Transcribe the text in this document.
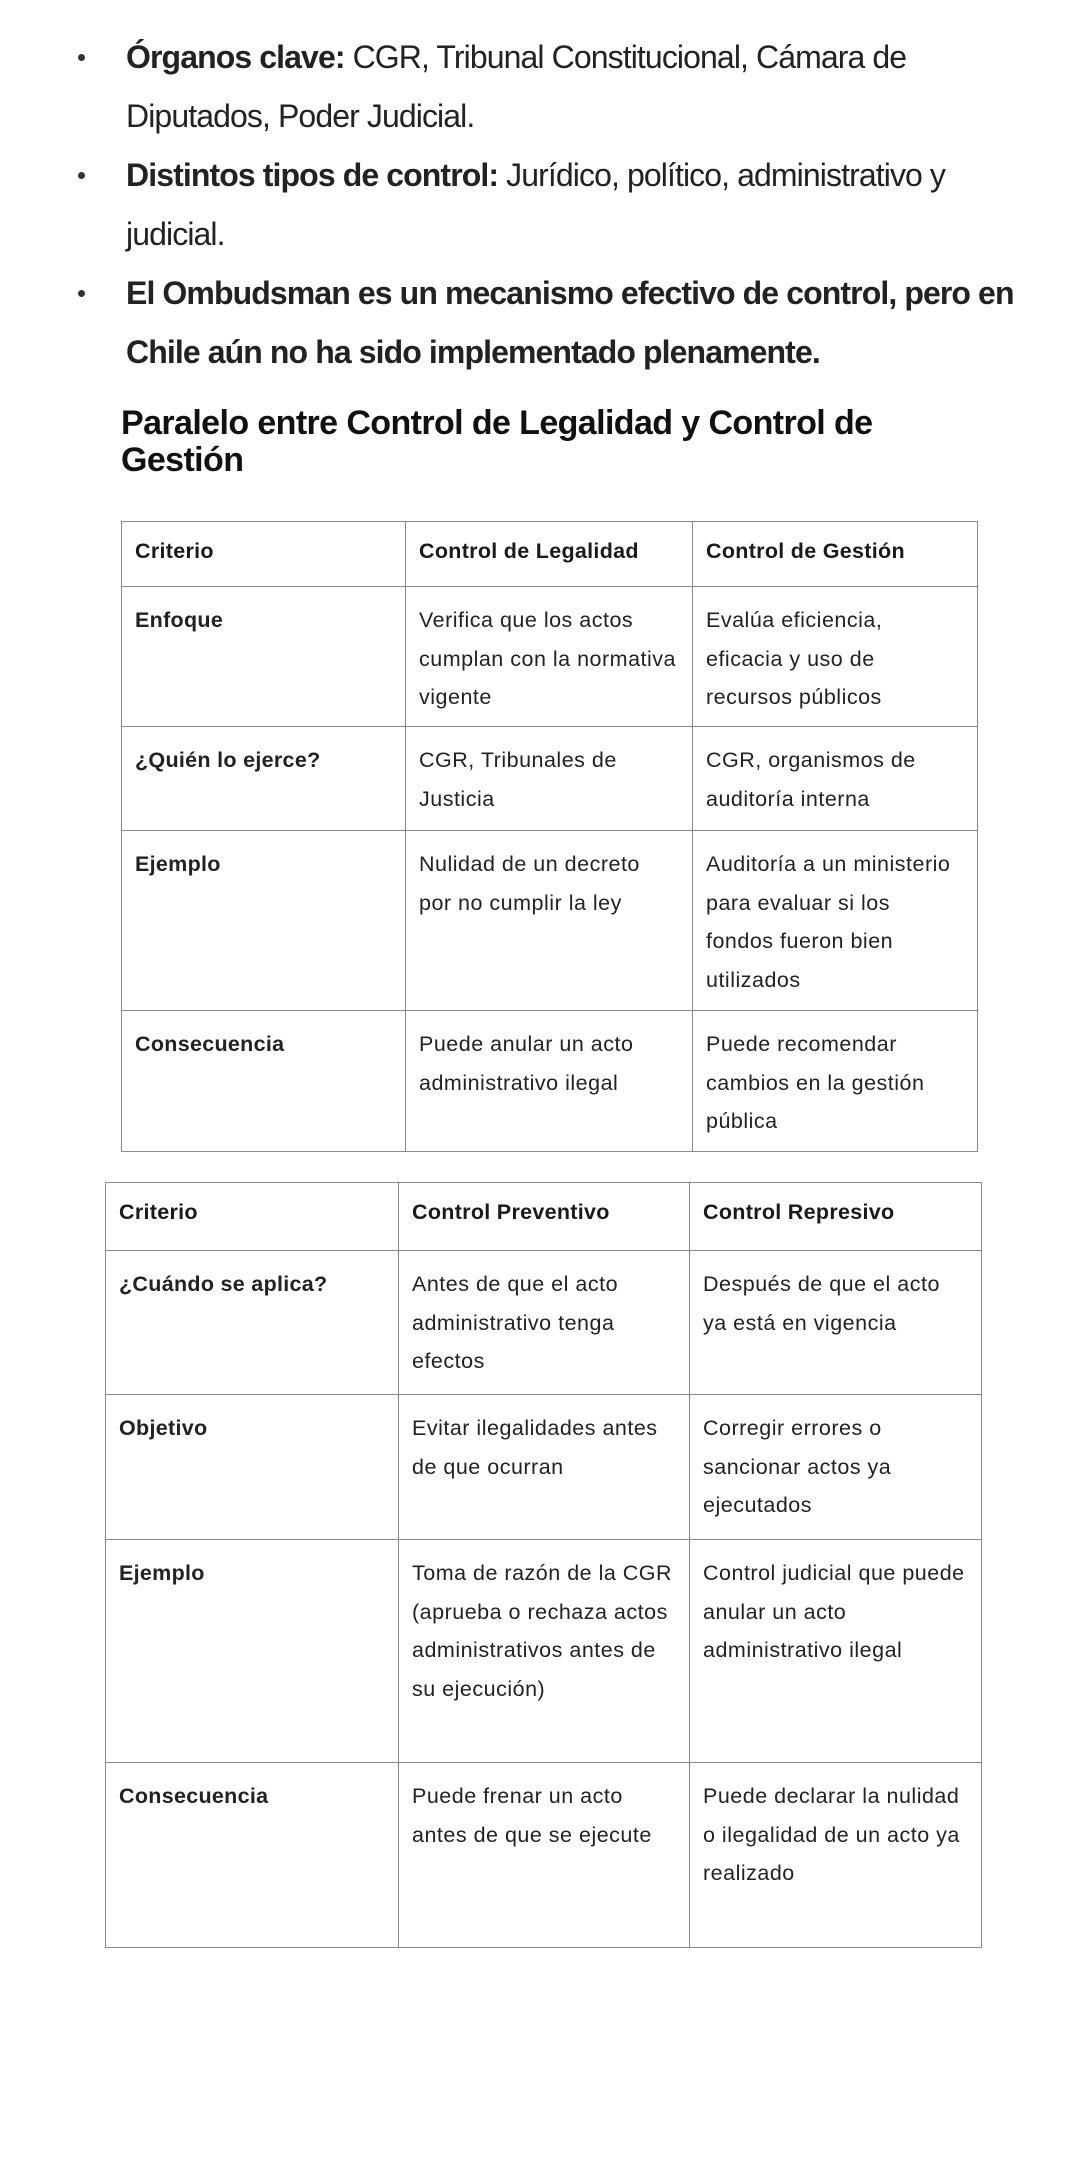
Órganos clave: CGR, Tribunal Constitucional, Cámara de Diputados, Poder Judicial.
Distintos tipos de control: Jurídico, político, administrativo y judicial.
El Ombudsman es un mecanismo efectivo de control, pero en Chile aún no ha sido implementado plenamente.
Paralelo entre Control de Legalidad y Control de Gestión
Criterio	Control de Legalidad	Control de Gestión
Enfoque	Verifica que los actos cumplan con la normativa vigente	Evalúa eficiencia, eficacia y uso de recursos públicos
¿Quién lo ejerce?	CGR, Tribunales de Justicia	CGR, organismos de auditoría interna
Ejemplo	Nulidad de un decreto por no cumplir la ley	Auditoría a un ministerio para evaluar si los fondos fueron bien utilizados
Consecuencia	Puede anular un acto administrativo ilegal	Puede recomendar cambios en la gestión pública
Criterio	Control Preventivo	Control Represivo
¿Cuándo se aplica?	Antes de que el acto administrativo tenga efectos	Después de que el acto ya está en vigencia
Objetivo	Evitar ilegalidades antes de que ocurran	Corregir errores o sancionar actos ya ejecutados
Ejemplo	Toma de razón de la CGR (aprueba o rechaza actos administrativos antes de su ejecución)	Control judicial que puede anular un acto administrativo ilegal
Consecuencia	Puede frenar un acto antes de que se ejecute	Puede declarar la nulidad o ilegalidad de un acto ya realizado
